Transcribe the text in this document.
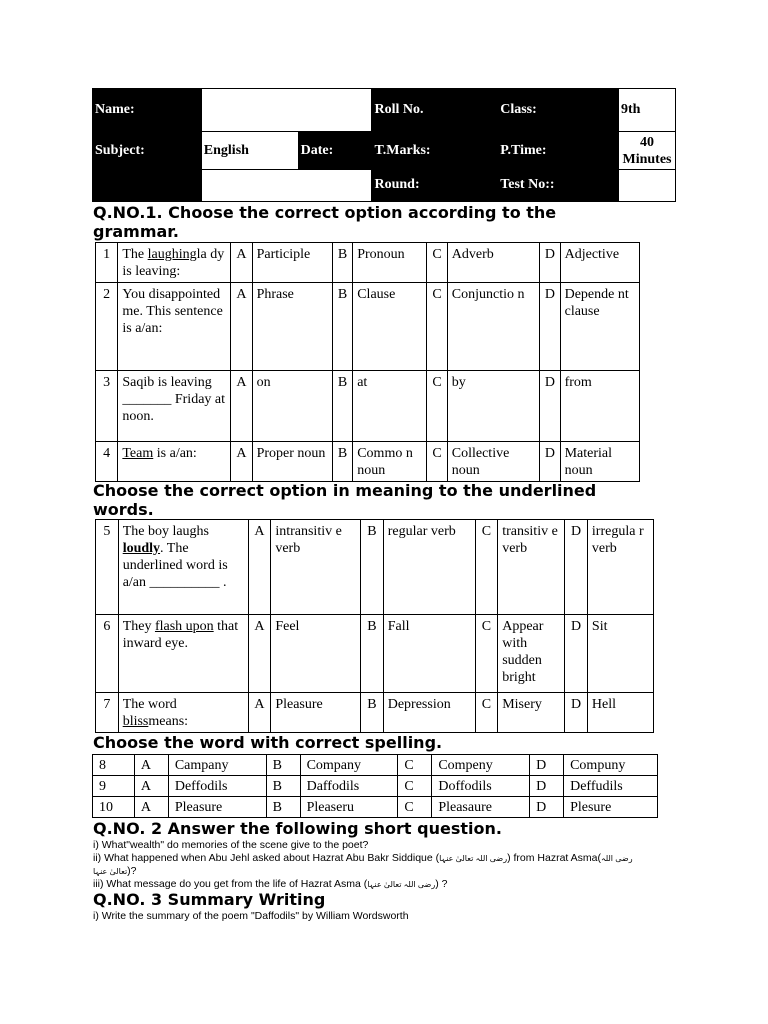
Name:			Roll No.	Class:	9th
Subject:	English	Date:	T.Marks:	P.Time:	40
Minutes
			Round:	Test No::	
Q.NO.1. Choose the correct option according to the
grammar.
1	The laughingla dy is leaving:	A	Participle	B	Pronoun	C	Adverb	D	Adjective
2	You disappointed me. This sentence is a/an:	A	Phrase	B	Clause	C	Conjunctio n	D	Depende nt clause
3	Saqib is leaving _______ Friday at noon.	A	on	B	at	C	by	D	from
4	Team is a/an:	A	Proper noun	B	Commo n noun	C	Collective noun	D	Material noun
Choose the correct option in meaning to the underlined
words.
5	The boy laughs loudly. The underlined word is a/an __________ .	A	intransitiv e verb	B	regular verb	C	transitiv e verb	D	irregula r verb
6	They flash upon that inward eye.	A	Feel	B	Fall	C	Appear with sudden bright	D	Sit
7	The word blissmeans:	A	Pleasure	B	Depression	C	Misery	D	Hell
Choose the word with correct spelling.
8	A	Campany	B	Company	C	Compeny	D	Compuny
9	A	Deffodils	B	Daffodils	C	Doffodils	D	Deffudils
10	A	Pleasure	B	Pleaseru	C	Pleasaure	D	Plesure
Q.NO. 2 Answer the following short question.
i) What"wealth" do memories of the scene give to the poet?
ii) What happened when Abu Jehl asked about Hazrat Abu Bakr Siddique (رضی اللہ تعالیٰ عنہا) from Hazrat Asma(رضی اللہ
تعالیٰ عنہا)?
iii) What message do you get from the life of Hazrat Asma (رضی اللہ تعالیٰ عنہا) ?
Q.NO. 3 Summary Writing
i) Write the summary of the poem "Daffodils" by William Wordsworth
